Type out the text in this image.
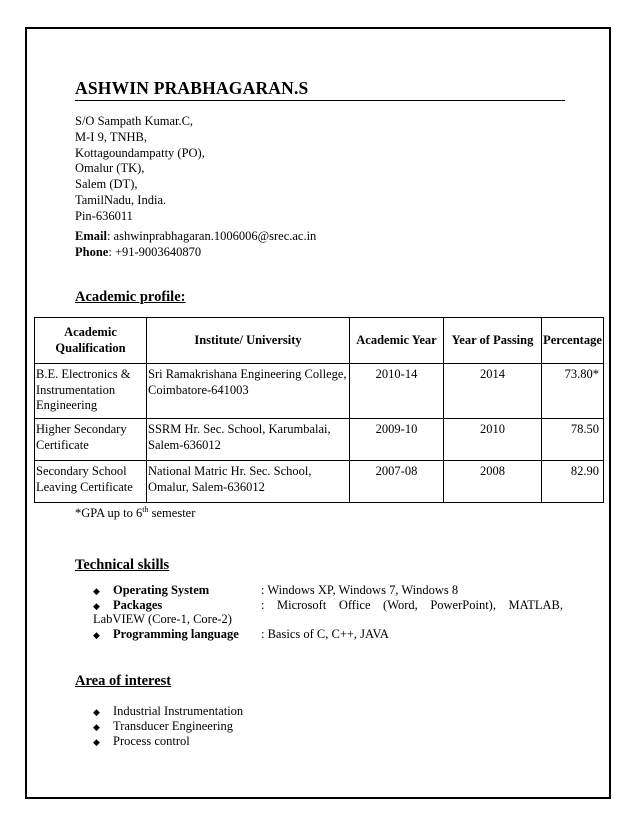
ASHWIN PRABHAGARAN.S
S/O Sampath Kumar.C,
M-I 9, TNHB,
Kottagoundampatty (PO),
Omalur (TK),
Salem (DT),
TamilNadu, India.
Pin-636011
Email: ashwinprabhagaran.1006006@srec.ac.in
Phone: +91-9003640870
Academic profile:
Academic Qualification	Institute/ University	Academic Year	Year of Passing	Percentage
B.E. Electronics & Instrumentation Engineering	Sri Ramakrishana Engineering College, Coimbatore-641003	2010-14	2014	73.80*
Higher Secondary Certificate	SSRM Hr. Sec. School, Karumbalai, Salem-636012	2009-10	2010	78.50
Secondary School Leaving Certificate	National Matric Hr. Sec. School, Omalur, Salem-636012	2007-08	2008	82.90
*GPA up to 6th semester
Technical skills
◆ Operating System	: Windows XP, Windows 7, Windows 8
◆ Packages	: Microsoft Office (Word, PowerPoint), MATLAB,
LabVIEW (Core-1, Core-2)
◆ Programming language : Basics of C, C++, JAVA
Area of interest
◆ Industrial Instrumentation
◆ Transducer Engineering
◆ Process control
